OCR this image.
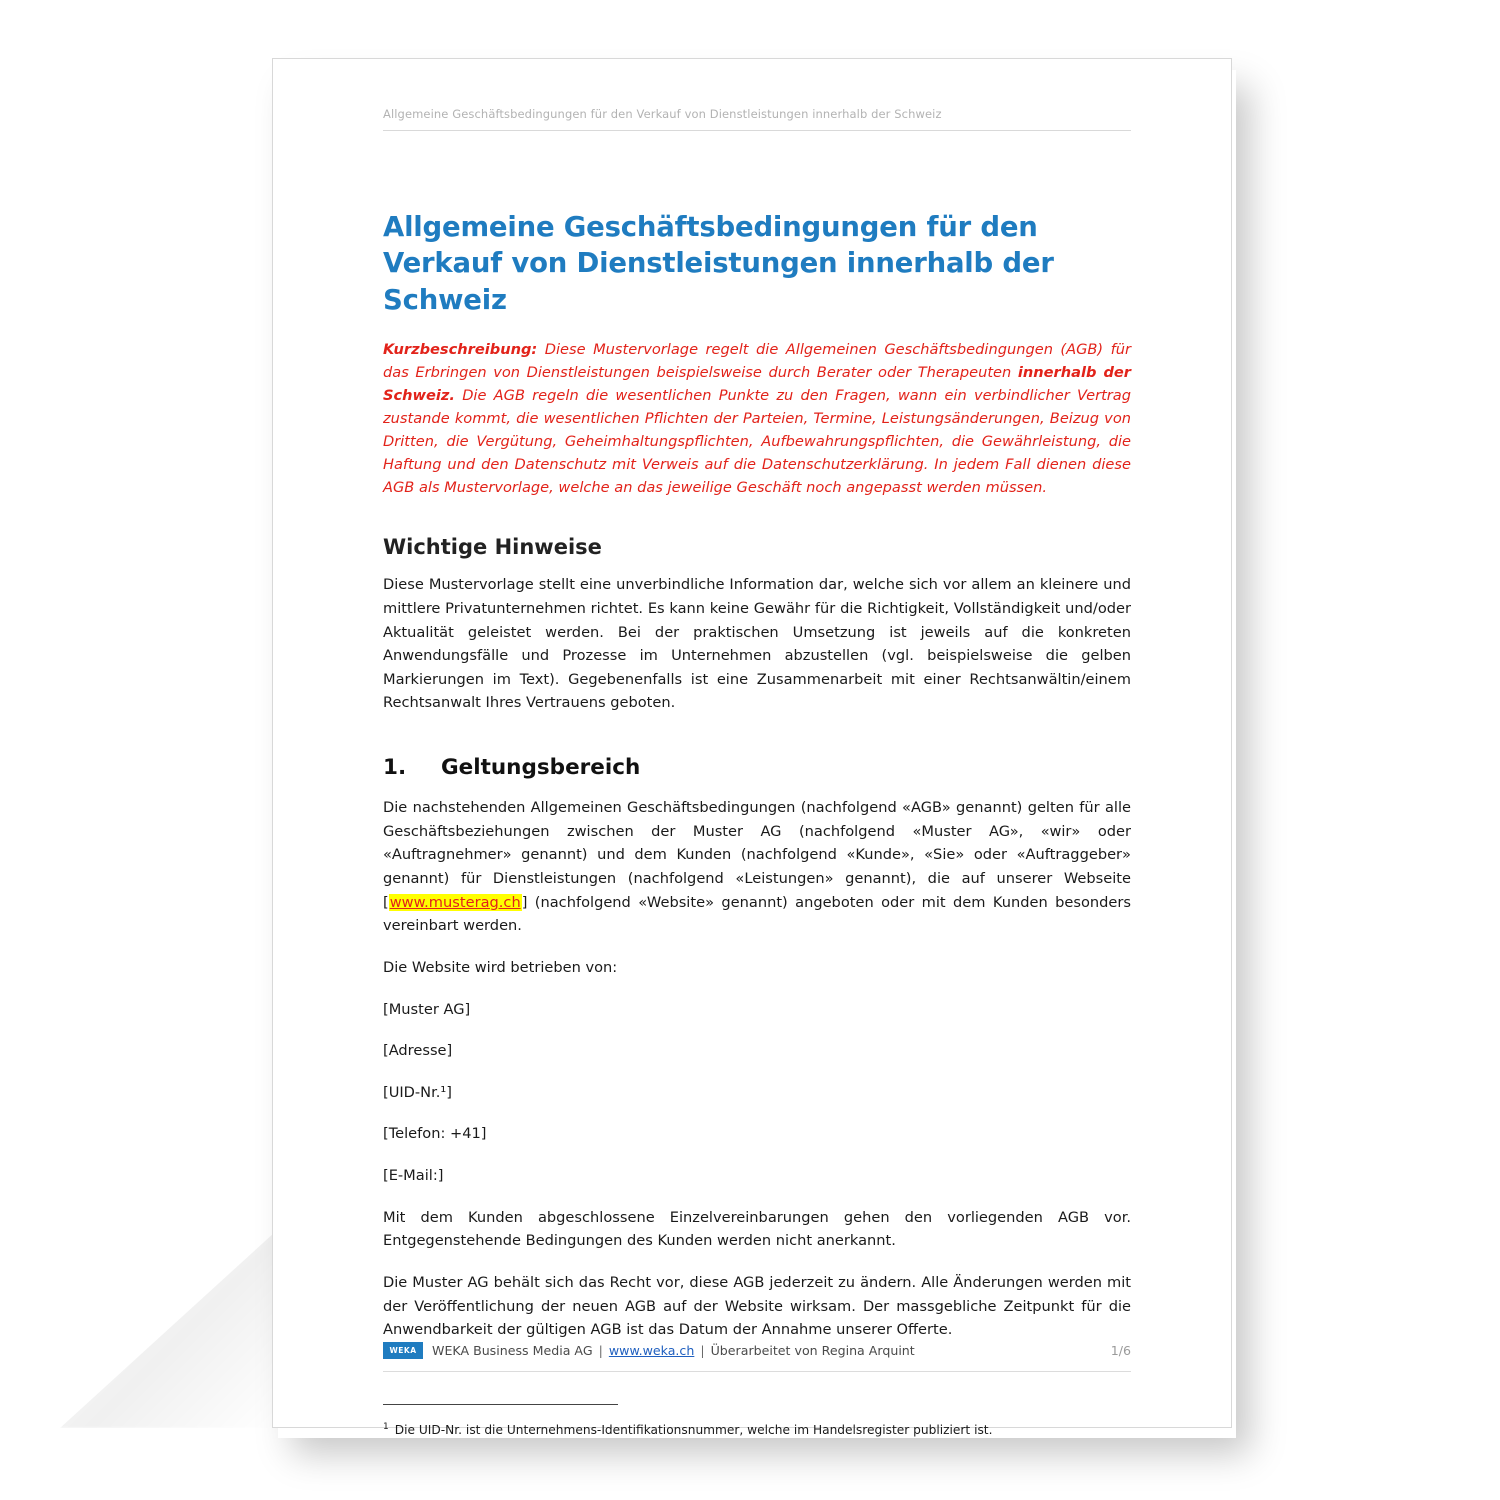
Allgemeine Geschäftsbedingungen für den Verkauf von Dienstleistungen innerhalb der Schweiz
Allgemeine Geschäftsbedingungen für den Verkauf von Dienstleistungen innerhalb der Schweiz

Kurzbeschreibung: Diese Mustervorlage regelt die Allgemeinen Geschäftsbedingungen (AGB) für das Erbringen von Dienstleistungen beispielsweise durch Berater oder Therapeuten innerhalb der Schweiz. Die AGB regeln die wesentlichen Punkte zu den Fragen, wann ein verbindlicher Vertrag zustande kommt, die wesentlichen Pflichten der Parteien, Termine, Leistungsänderungen, Beizug von Dritten, die Vergütung, Geheimhaltungspflichten, Aufbewahrungspflichten, die Gewährleistung, die Haftung und den Datenschutz mit Verweis auf die Datenschutzerklärung. In jedem Fall dienen diese AGB als Mustervorlage, welche an das jeweilige Geschäft noch angepasst werden müssen.

Wichtige Hinweise

Diese Mustervorlage stellt eine unverbindliche Information dar, welche sich vor allem an kleinere und mittlere Privatunternehmen richtet. Es kann keine Gewähr für die Richtigkeit, Vollständigkeit und/oder Aktualität geleistet werden. Bei der praktischen Umsetzung ist jeweils auf die konkreten Anwendungsfälle und Prozesse im Unternehmen abzustellen (vgl. beispielsweise die gelben Markierungen im Text). Gegebenenfalls ist eine Zusammenarbeit mit einer Rechtsanwältin/einem Rechtsanwalt Ihres Vertrauens geboten.

1.	Geltungsbereich

Die nachstehenden Allgemeinen Geschäftsbedingungen (nachfolgend «AGB» genannt) gelten für alle Geschäftsbeziehungen zwischen der Muster AG (nachfolgend «Muster AG», «wir» oder «Auftragnehmer» genannt) und dem Kunden (nachfolgend «Kunde», «Sie» oder «Auftraggeber» genannt) für Dienstleistungen (nachfolgend «Leistungen» genannt), die auf unserer Webseite [www.musterag.ch] (nachfolgend «Website» genannt) angeboten oder mit dem Kunden besonders vereinbart werden.

Die Website wird betrieben von:

[Muster AG]

[Adresse]

[UID-Nr.¹]

[Telefon: +41]

[E-Mail:]

Mit dem Kunden abgeschlossene Einzelvereinbarungen gehen den vorliegenden AGB vor. Entgegenstehende Bedingungen des Kunden werden nicht anerkannt.

Die Muster AG behält sich das Recht vor, diese AGB jederzeit zu ändern. Alle Änderungen werden mit der Veröffentlichung der neuen AGB auf der Website wirksam. Der massgebliche Zeitpunkt für die Anwendbarkeit der gültigen AGB ist das Datum der Annahme unserer Offerte.

$^1$ Die UID-Nr. ist die Unternehmens-Identifikationsnummer, welche im Handelsregister publiziert ist.
WEKA	WEKA Business Media AG | www.weka.ch | Überarbeitet von Regina Arquint	1/6
